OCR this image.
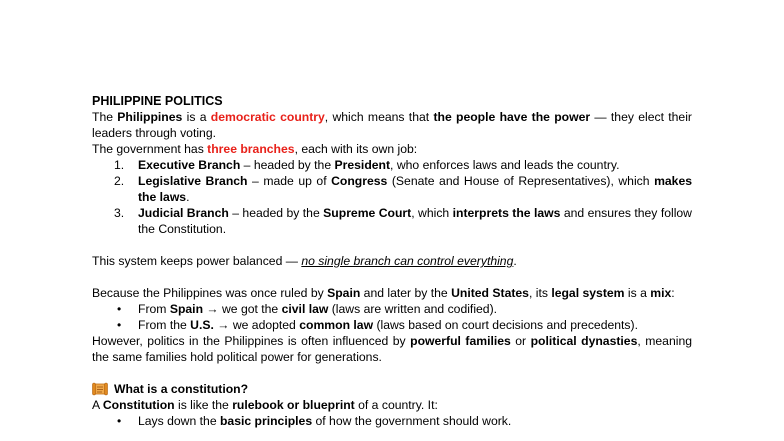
PHILIPPINE POLITICS

The Philippines is a democratic country, which means that the people have the power — they elect their leaders through voting.

The government has three branches, each with its own job:

1. Executive Branch – headed by the President, who enforces laws and leads the country.
2. Legislative Branch – made up of Congress (Senate and House of Representatives), which makes the laws.
3. Judicial Branch – headed by the Supreme Court, which interprets the laws and ensures they follow the Constitution.

This system keeps power balanced — no single branch can control everything.

Because the Philippines was once ruled by Spain and later by the United States, its legal system is a mix:

• From Spain → we got the civil law (laws are written and codified).
• From the U.S. → we adopted common law (laws based on court decisions and precedents).

However, politics in the Philippines is often influenced by powerful families or political dynasties, meaning the same families hold political power for generations.

What is a constitution?

A Constitution is like the rulebook or blueprint of a country. It:

• Lays down the basic principles of how the government should work.
